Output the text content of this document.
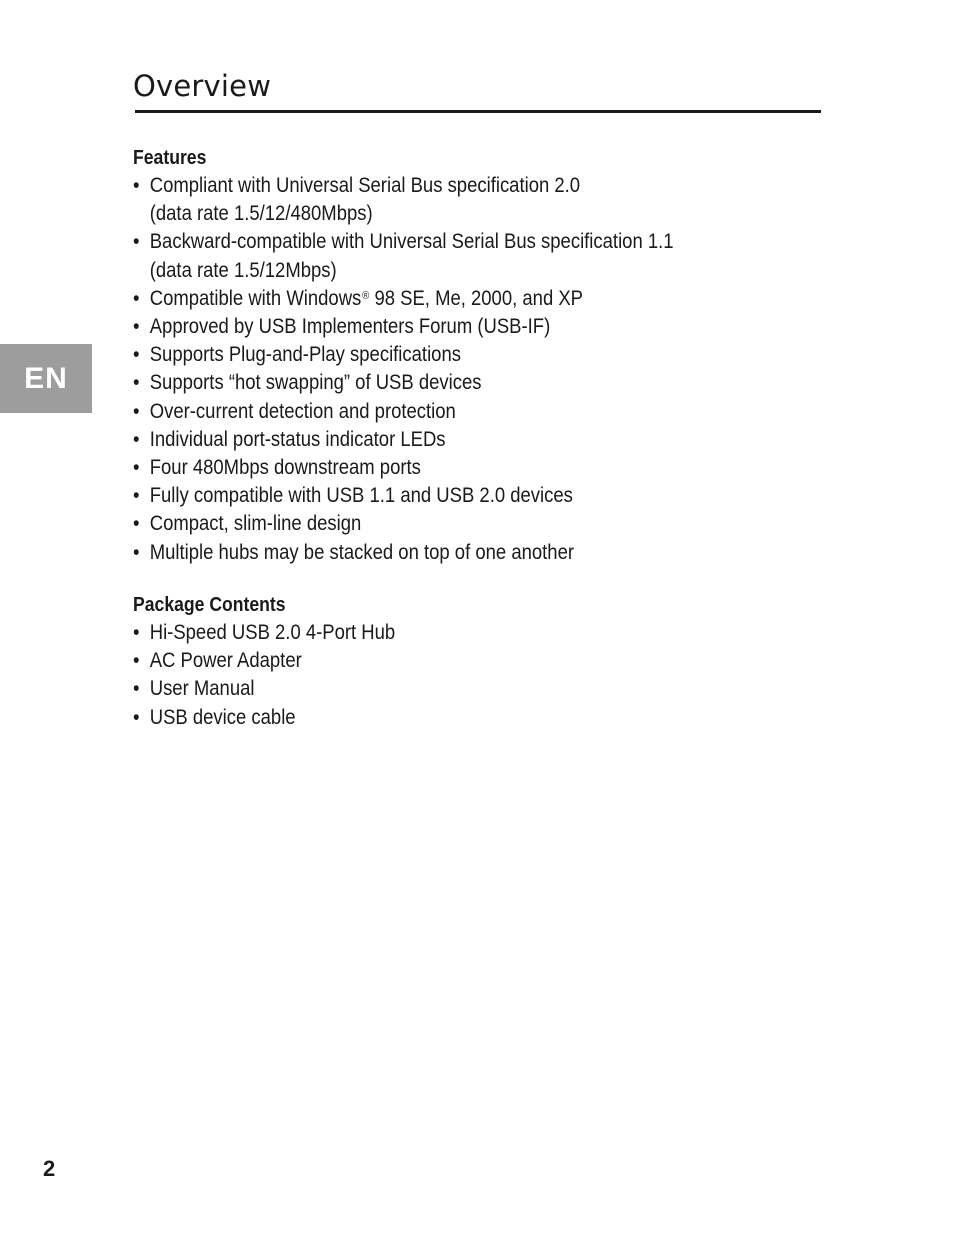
Overview
EN
Features
• Compliant with Universal Serial Bus specification 2.0
(data rate 1.5/12/480Mbps)
• Backward-compatible with Universal Serial Bus specification 1.1
(data rate 1.5/12Mbps)
• Compatible with Windows® 98 SE, Me, 2000, and XP
• Approved by USB Implementers Forum (USB-IF)
• Supports Plug-and-Play specifications
• Supports “hot swapping” of USB devices
• Over-current detection and protection
• Individual port-status indicator LEDs
• Four 480Mbps downstream ports
• Fully compatible with USB 1.1 and USB 2.0 devices
• Compact, slim-line design
• Multiple hubs may be stacked on top of one another
Package Contents
• Hi-Speed USB 2.0 4-Port Hub
• AC Power Adapter
• User Manual
• USB device cable
2
